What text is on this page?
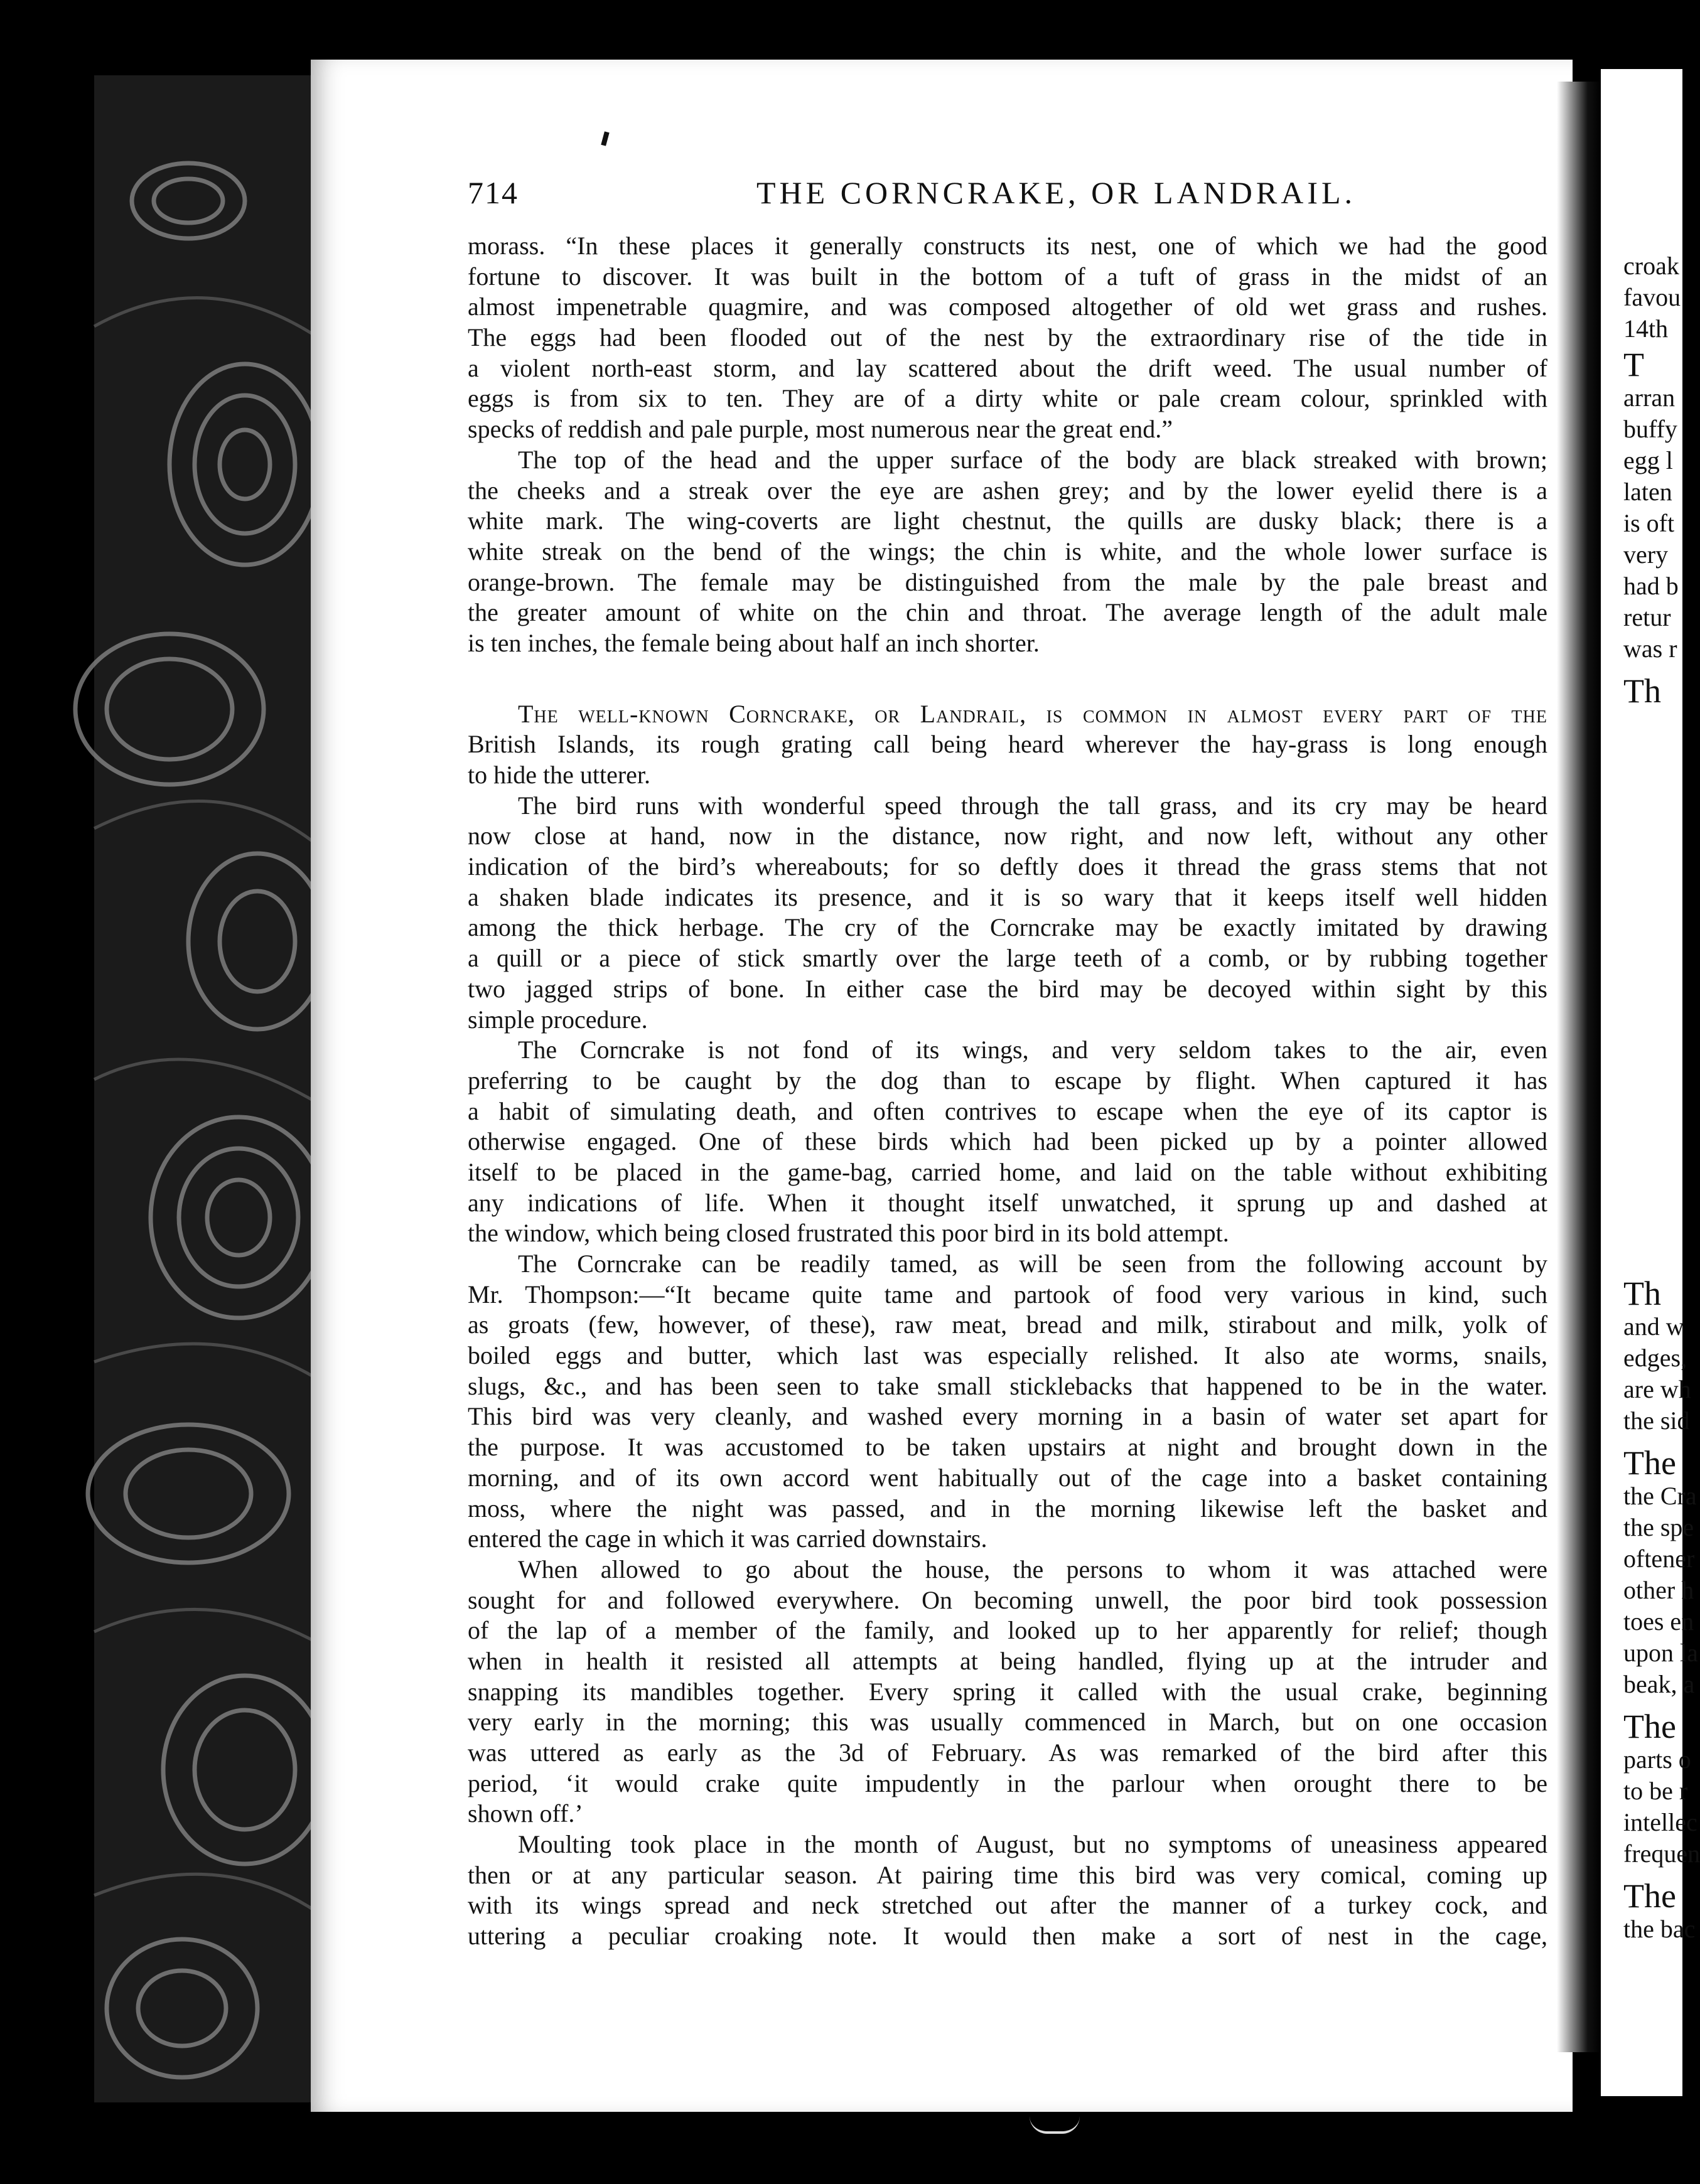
croak
favou
14th
T
arran
buffy
egg l
laten
is oft
very
had b
retur
was r
Th
Th
and w
edges,
are wh
the sid
The
the Cra
the spe
oftener
other h
toes en
upon la
beak, a
The
parts o
to be r
intellec
frequen
The
the bac
714	THE CORNCRAKE, OR LANDRAIL.
morass. “In these places it generally constructs its nest, one of which we had the good
fortune to discover. It was built in the bottom of a tuft of grass in the midst of an
almost impenetrable quagmire, and was composed altogether of old wet grass and rushes.
The eggs had been flooded out of the nest by the extraordinary rise of the tide in
a violent north-east storm, and lay scattered about the drift weed. The usual number of
eggs is from six to ten. They are of a dirty white or pale cream colour, sprinkled with
specks of reddish and pale purple, most numerous near the great end.”
The top of the head and the upper surface of the body are black streaked with brown;
the cheeks and a streak over the eye are ashen grey; and by the lower eyelid there is a
white mark. The wing-coverts are light chestnut, the quills are dusky black; there is a
white streak on the bend of the wings; the chin is white, and the whole lower surface is
orange-brown. The female may be distinguished from the male by the pale breast and
the greater amount of white on the chin and throat. The average length of the adult male
is ten inches, the female being about half an inch shorter.
The well-known Corncrake, or Landrail, is common in almost every part of the
British Islands, its rough grating call being heard wherever the hay-grass is long enough
to hide the utterer.
The bird runs with wonderful speed through the tall grass, and its cry may be heard
now close at hand, now in the distance, now right, and now left, without any other
indication of the bird’s whereabouts; for so deftly does it thread the grass stems that not
a shaken blade indicates its presence, and it is so wary that it keeps itself well hidden
among the thick herbage. The cry of the Corncrake may be exactly imitated by drawing
a quill or a piece of stick smartly over the large teeth of a comb, or by rubbing together
two jagged strips of bone. In either case the bird may be decoyed within sight by this
simple procedure.
The Corncrake is not fond of its wings, and very seldom takes to the air, even
preferring to be caught by the dog than to escape by flight. When captured it has
a habit of simulating death, and often contrives to escape when the eye of its captor is
otherwise engaged. One of these birds which had been picked up by a pointer allowed
itself to be placed in the game-bag, carried home, and laid on the table without exhibiting
any indications of life. When it thought itself unwatched, it sprung up and dashed at
the window, which being closed frustrated this poor bird in its bold attempt.
The Corncrake can be readily tamed, as will be seen from the following account by
Mr. Thompson:—“It became quite tame and partook of food very various in kind, such
as groats (few, however, of these), raw meat, bread and milk, stirabout and milk, yolk of
boiled eggs and butter, which last was especially relished. It also ate worms, snails,
slugs, &c., and has been seen to take small sticklebacks that happened to be in the water.
This bird was very cleanly, and washed every morning in a basin of water set apart for
the purpose. It was accustomed to be taken upstairs at night and brought down in the
morning, and of its own accord went habitually out of the cage into a basket containing
moss, where the night was passed, and in the morning likewise left the basket and
entered the cage in which it was carried downstairs.
When allowed to go about the house, the persons to whom it was attached were
sought for and followed everywhere. On becoming unwell, the poor bird took possession
of the lap of a member of the family, and looked up to her apparently for relief; though
when in health it resisted all attempts at being handled, flying up at the intruder and
snapping its mandibles together. Every spring it called with the usual crake, beginning
very early in the morning; this was usually commenced in March, but on one occasion
was uttered as early as the 3d of February. As was remarked of the bird after this
period, ‘it would crake quite impudently in the parlour when orought there to be
shown off.’
Moulting took place in the month of August, but no symptoms of uneasiness appeared
then or at any particular season. At pairing time this bird was very comical, coming up
with its wings spread and neck stretched out after the manner of a turkey cock, and
uttering a peculiar croaking note. It would then make a sort of nest in the cage,
